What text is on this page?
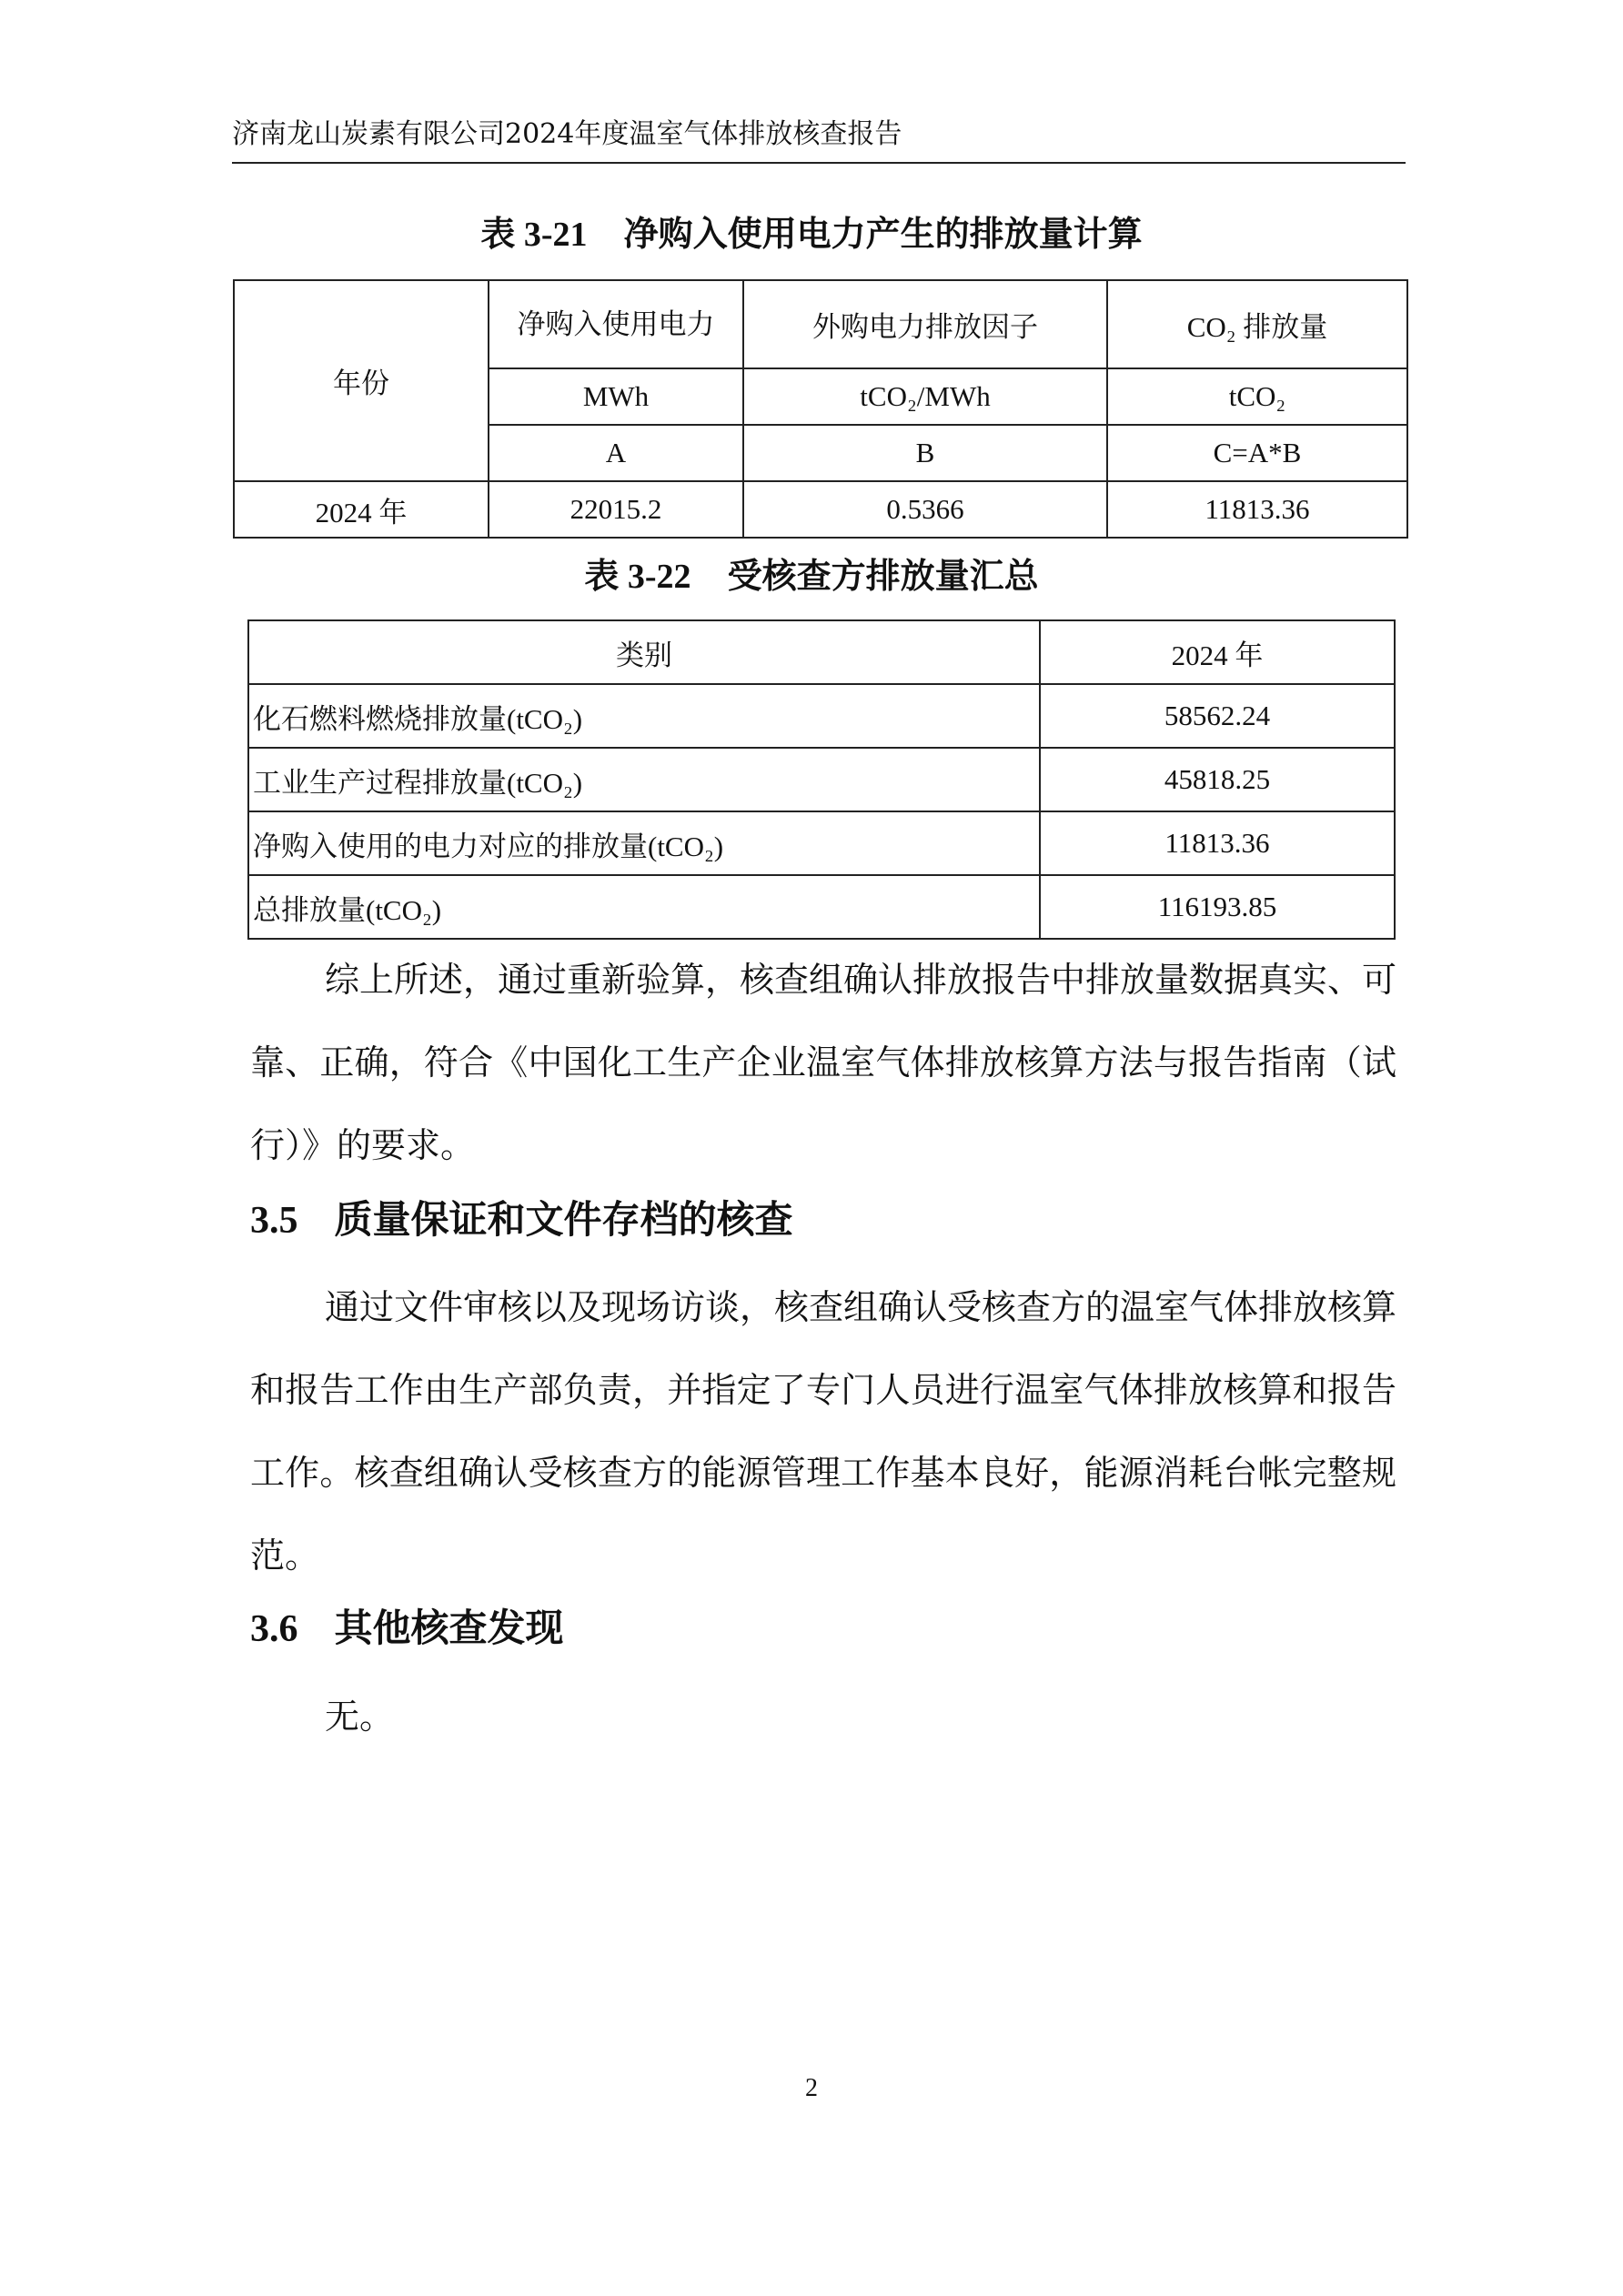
济南龙山炭素有限公司2024年度温室气体排放核查报告
表 3-21 净购入使用电力产生的排放量计算
年份	净购入使用电力	外购电力排放因子	CO₂ 排放量
	MWh	tCO₂/MWh	tCO₂
	A	B	C=A*B
2024 年	22015.2	0.5366	11813.36
表 3-22 受核查方排放量汇总
类别	2024 年
化石燃料燃烧排放量(tCO₂)	58562.24
工业生产过程排放量(tCO₂)	45818.25
净购入使用的电力对应的排放量(tCO₂)	11813.36
总排放量(tCO₂)	116193.85

综上所述，通过重新验算，核查组确认排放报告中排放量数据真实、可靠、正确，符合《中国化工生产企业温室气体排放核算方法与报告指南（试行）》的要求。

3.5 质量保证和文件存档的核查

通过文件审核以及现场访谈，核查组确认受核查方的温室气体排放核算和报告工作由生产部负责，并指定了专门人员进行温室气体排放核算和报告工作。核查组确认受核查方的能源管理工作基本良好，能源消耗台帐完整规范。

3.6 其他核查发现

无。

2
